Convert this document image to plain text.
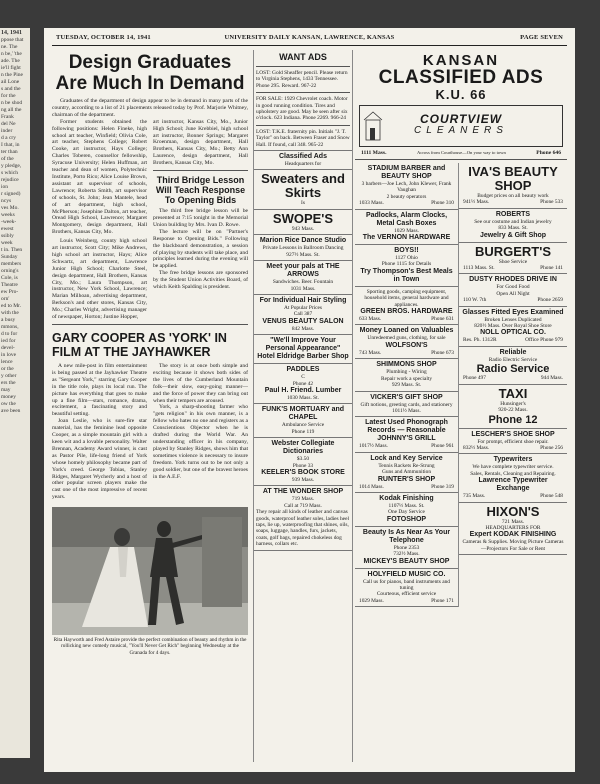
14, 1941
ppose that
ne. The
n be,' 'the
ade. The
ie'll fight
n the Pine
ail Lone
s and the
for the
n be shod
ng all the
Frank
del Ne
inder
d a cry
I that, in
ter than
of the
y pledge,
s which
rejudice
ion
r signed)
ncys
ves Mo.
weeks
-week-
ewest
ssibly
week
t in. Then
Sunday
members
orning's
Cole, is
Theatre
ew Pro-
orn'
ed to Mr.
with the
a busy
mmons,
d to for
ied for
devel-
in love
lence
or the
y other
ers the
may
money
ow the
ave been
TUESDAY, OCTOBER 14, 1941	UNIVERSITY DAILY KANSAN, LAWRENCE, KANSAS	PAGE SEVEN
Design Graduates Are Much In Demand

Graduates of the department of design appear to be in demand in many parts of the country, according to a list of 21 placements released today by Prof. Marjorie Whitney, chairman of the department.

Former students obtained the following positions: Helen Fineke, high school art teacher, Winfield; Olivia Cole, art teacher, Stephens College; Robert Cooke, art instructor, Hays College; Charles Toberen, counsellor fellowship, Syracuse University; Helen Huffman, art teacher and dean of women, Polytechnic Institute, Porto Rico; Alice Louise Brown, assistant art supervisor of schools, Lawrence; Roberta Smith, art supervisor of schools, St. John; Jean Mantele, head of art department, high school, McPherson; Josephine Dalton, art teacher, Oread High School, Lawrence; Margaret Montgomery, design department, Hall Brothers, Kansas City, Mo.

Louis Weinberg, county high school art instructor, Scott City; Mike Andrews, high school art instructor, Hays; Alice Schwartz, art department, Lawrence Junior High School; Charlotte Steel, design department, Hall Brothers, Kansas City, Mo.; Laura Thompson, art instructor, New York School, Lawrence; Marian Milhoan, advertising department, Berkson's and other stores, Kansas City, Mo.; Charles Wright, advertising manager of newspaper, Horton; Justine Hopper,

art instructor, Kansas City, Mo., Junior High School; June Krebbiel, high school art instructor, Bonner Springs; Margaret Kroenman, design department, Hall Brothers, Kansas City, Mo.; Betty Ann Laurence, design department, Hall Brothers, Kansas City, Mo.

Third Bridge Lesson Will Teach Response To Opening Bids

The third free bridge lesson will be presented at 7:15 tonight in the Memorial Union building by Mrs. Ivan D. Rowe.

The lecture will be on "Partner's Response to Opening Bids." Following the blackboard demonstration, a session of playing by students will take place, and principles learned during the evening will be applied.

The free bridge lessons are sponsored by the Student Union Activities Board, of which Keith Spalding is president.

GARY COOPER AS 'YORK' IN FILM AT THE JAYHAWKER

A new mile-post in film entertainment is being passed at the Jayhawker Theatre as "Sergeant York," starring Gary Cooper in the title role, plays its local run. The picture has everything that goes to make up a fine film—stars, romance, drama, excitement, a fascinating story and beautiful setting.

Joan Leslie, who is sure-fire star material, has the feminine lead opposite Cooper, as a simple mountain girl with a keen wit and a lovable personality. Walter Brennan, Academy Award winner, is cast as Pastor Pile, life-long friend of York whose homely philosophy became part of York's creed. George Tobias, Stanley Ridges, Margaret Wycherly and a host of other popular screen players make the cast one of the most impressive of recent years.

The story is at once both simple and exciting because it shows both sides of the lives of the Cumberland Mountain folk—their slow, easy-going manner—and the force of power they can bring out when their tempers are aroused.

York, a sharp-shooting farmer who "gets religion" in his own manner, is a fellow who hates no one and registers as a Conscientious Objector when he is drafted during the World War. An understanding officer in his company, played by Stanley Ridges, shows him that sometimes violence is necessary to insure freedom. York turns out to be not only a good soldier, but one of the bravest heroes in the A.E.F.

Rita Hayworth and Fred Astaire provide the perfect combination of beauty and rhythm in the rollicking new comedy musical, "You'll Never Get Rich" beginning Wednesday at the Granada for 4 days.
WANT ADS
LOST: Gold Sheaffer pencil. Please return to Virginia Stephens, 1433 Tennessee. Phone 295. Reward. 967-22
FOR SALE: 1929 Chevrolet coach. Motor in good running condition. Tires and upholstery are good. May be seen after six o'clock. 623 Indiana. Phone 2269. 966-24
LOST: T.K.E. fraternity pin. Initials "J. T. Taylor" on back. Between Fraser and Snow Hall. If found, call 348. 965-22
Classified Ads
Headquarters for
Sweaters and Skirts
Is
SWOPE'S
943 Mass.
Marion Rice Dance Studio
Private Lessons in Ballroom Dancing
927½ Mass. St.
Meet your pals at THE ARROWS
Sandwiches. Beer. Fountain
1031 Mass.
For Individual Hair Styling
At Popular Prices
Call 387
VENUS BEAUTY SALON
842 Mass.
"We'll Improve Your Personal Appearance"
Hotel Eldridge Barber Shop
PADDLES
C
Phone 42
Paul H. Friend. Lumber
1030 Mass. St.
FUNK'S MORTUARY and CHAPEL
Ambulance Service
Phone 119
Webster Collegiate Dictionaries
$3.50
Phone 33
KEELER'S BOOK STORE
939 Mass.
AT THE WONDER SHOP
719 Mass.
Call at 719 Mass.
They repair all kinds of leather and canvas goods, waterproof leather soles, ladies heel taps, lie up, waterproofing that shines, oils, soaps, luggage, handles, furs, jackets, coats, golf bags, repaired chokeless dog harness, collars etc.
KANSAN
CLASSIFIED ADS
K.U. 66
COURTVIEW
CLEANERS
1111 Mass.	Across from Courthouse—On your way to town	Phone 646
STADIUM BARBER and BEAUTY SHOP
3 barbers—Joe Lech, John Klewer, Frank Vaughan
2 beauty operators
1033 Mass.	Phone 310
Padlocks, Alarm Clocks, Metal Cash Boxes
1029 Mass.
The VERNON HARDWARE
BOYS!!
1127 Ohio
Phone 1115 for Details
Try Thompson's Best Meals in Town
Sporting goods, camping equipment, household items, general hardware and appliances.
GREEN BROS. HARDWARE
633 Mass.	Phone 631
Money Loaned on Valuables
Unredeemed guns, clothing, for sale
WOLFSON'S
743 Mass.	Phone 673
SHIMMONS SHOP
Plumbing - Wiring
Repair work a specialty
929 Mass. St.
VICKER'S GIFT SHOP
Gift notions, greeting cards, and stationery
1011½ Mass.
Latest Used Phonograph Records — Reasonable
JOHNNY'S GRILL
1017½ Mass.	Phone 961
Lock and Key Service
Tennis Rackets Re-Strung
Guns and Ammunition
RUNTER'S SHOP
1014 Mass.	Phone 319
Kodak Finishing
1107½ Mass. St.
One Day Service
FOTOSHOP
Beauty Is As Near As Your Telephone
Phone 2353
732½ Mass.
MICKEY'S BEAUTY SHOP
HOLYFIELD MUSIC CO.
Call us for pianos, band instruments and tuning
Courteous, efficient service
1029 Mass.	Phone 171
IVA'S BEAUTY SHOP
Budget prices on all beauty work
941½ Mass.	Phone 533
ROBERTS
See our costume and Indian jewelry
833 Mass. St.
Jewelry & Gift Shop
BURGERT'S
Shoe Service
1113 Mass. St.	Phone 141
DUSTY RHODES DRIVE IN
For Good Food
Open All Night
110 W. 7th	Phone 2659
Glasses Fitted Eyes Examined
Broken Lenses Duplicated
820½ Mass. Over Royal Shoe Store
NOLL OPTICAL CO.
Res. Ph. 1312R	Office Phone 979
Reliable
Radio Electric Service
Radio Service
Phone 497	944 Mass.
TAXI
Hunsinger's
920-22 Mass.
Phone 12
LESCHER'S SHOE SHOP
For prompt, efficient shoe repair.
832½ Mass.	Phone 256
Typewriters
We have complete typewriter service.
Sales, Rentals, Cleaning and Repairing.
Lawrence Typewriter Exchange
735 Mass.	Phone 548
HIXON'S
721 Mass.
HEADQUARTERS FOR
Expert KODAK FINISHING
Cameras & Supplies. Moving Picture Cameras—Projectors For Sale or Rent
